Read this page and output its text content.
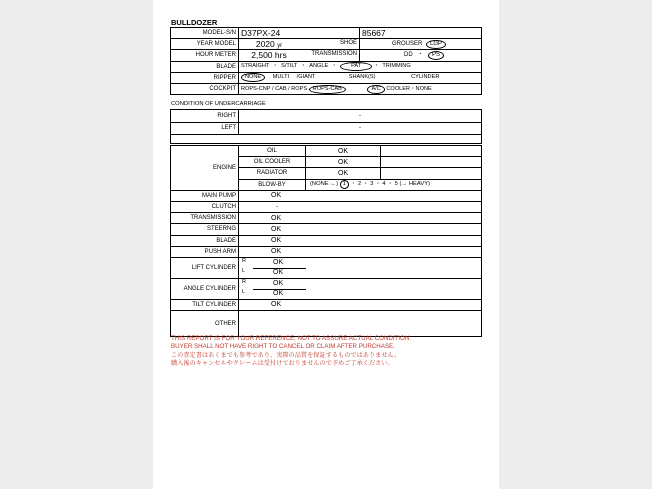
BULLDOZER
MODEL-S/N	D37PX-24	85667
YEAR MODEL	2020 yr SHOE	GROUSER LGP
HOUR METER	2,500 hrs TRANSMISSION	DD ・ PS
BLADE	STRAIGHT  ・  S/TILT  ・  ANGLE  ・  PAT ・  TRIMMING	
RIPPER	NONE MULTI /GIANT SHANK(S) CYLINDER	
COCKPIT	ROPS-CNP / CAB / ROPS ROPS-CAB A/C COOLER・NONE	
CONDITION OF UNDERCARRIAGE
RIGHT	-
LEFT	-

ENGINE	OIL	OK	
	OIL COOLER	OK	
	RADIATOR	OK	
	BLOW-BY	(NONE ←) 1 ・ 2 ・ 3 ・ 4 ・ 5 (→ HEAVY)	
MAIN PUMP	OK		
CLUTCH	-		
TRANSMISSION	OK		
STEERNG	OK		
BLADE	OK		
PUSH ARM	OK		
LIFT CYLINDER	R OK
L OK		

ANGLE CYLINDER	R OK
L OK		

TILT CYLINDER	OK		
OTHER			
THIS REPORT IS FOR YOUR REFERENCE, NOT TO ASSURE ACTUAL CONDITION.
BUYER SHALL NOT HAVE RIGHT TO CANCEL OR CLAIM AFTER PURCHASE.
この査定書はあくまでも参考であり、実際の品質を保証するものではありません。
購入後のキャンセルやクレームは受付けておりませんので予めご了承ください。
